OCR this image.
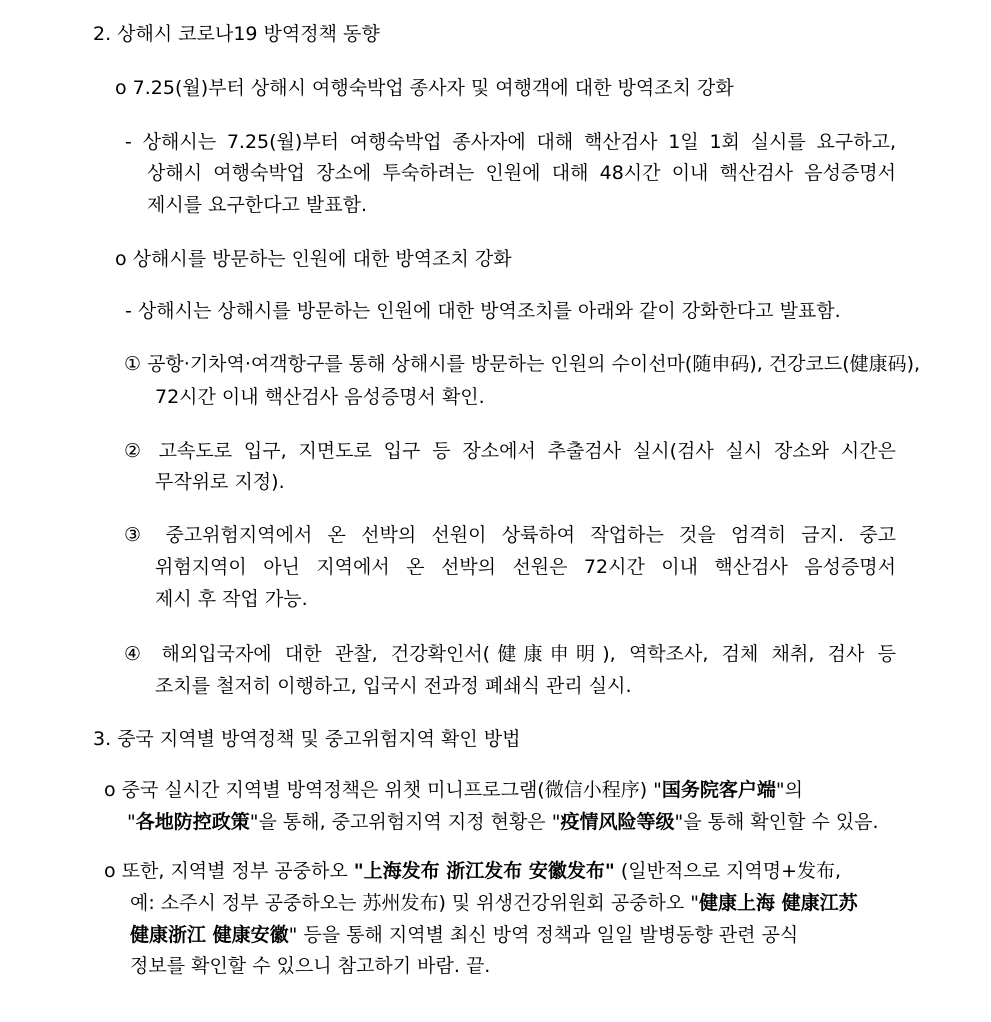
2. 상해시 코로나19 방역정책 동향
o 7.25(월)부터 상해시 여행숙박업 종사자 및 여행객에 대한 방역조치 강화
- 상해시는 7.25(월)부터 여행숙박업 종사자에 대해 핵산검사 1일 1회 실시를 요구하고,
상해시 여행숙박업 장소에 투숙하려는 인원에 대해 48시간 이내 핵산검사 음성증명서
제시를 요구한다고 발표함.
o 상해시를 방문하는 인원에 대한 방역조치 강화
- 상해시는 상해시를 방문하는 인원에 대한 방역조치를 아래와 같이 강화한다고 발표함.
① 공항·기차역·여객항구를 통해 상해시를 방문하는 인원의 수이선마(随申码), 건강코드(健康码),
72시간 이내 핵산검사 음성증명서 확인.
② 고속도로 입구, 지면도로 입구 등 장소에서 추출검사 실시(검사 실시 장소와 시간은
무작위로 지정).
③ 중고위험지역에서 온 선박의 선원이 상륙하여 작업하는 것을 엄격히 금지. 중고
위험지역이 아닌 지역에서 온 선박의 선원은 72시간 이내 핵산검사 음성증명서
제시 후 작업 가능.
④ 해외입국자에 대한 관찰, 건강확인서(健康申明), 역학조사, 검체 채취, 검사 등
조치를 철저히 이행하고, 입국시 전과정 폐쇄식 관리 실시.
3. 중국 지역별 방역정책 및 중고위험지역 확인 방법
o 중국 실시간 지역별 방역정책은 위챗 미니프로그램(微信小程序) "国务院客户端"의
"各地防控政策"을 통해, 중고위험지역 지정 현황은 "疫情风险等级"을 통해 확인할 수 있음.
o 또한, 지역별 정부 공중하오 "上海发布 浙江发布 安徽发布" (일반적으로 지역명+发布,
예: 소주시 정부 공중하오는 苏州发布) 및 위생건강위원회 공중하오 "健康上海 健康江苏
健康浙江 健康安徽" 등을 통해 지역별 최신 방역 정책과 일일 발병동향 관련 공식
정보를 확인할 수 있으니 참고하기 바람. 끝.
